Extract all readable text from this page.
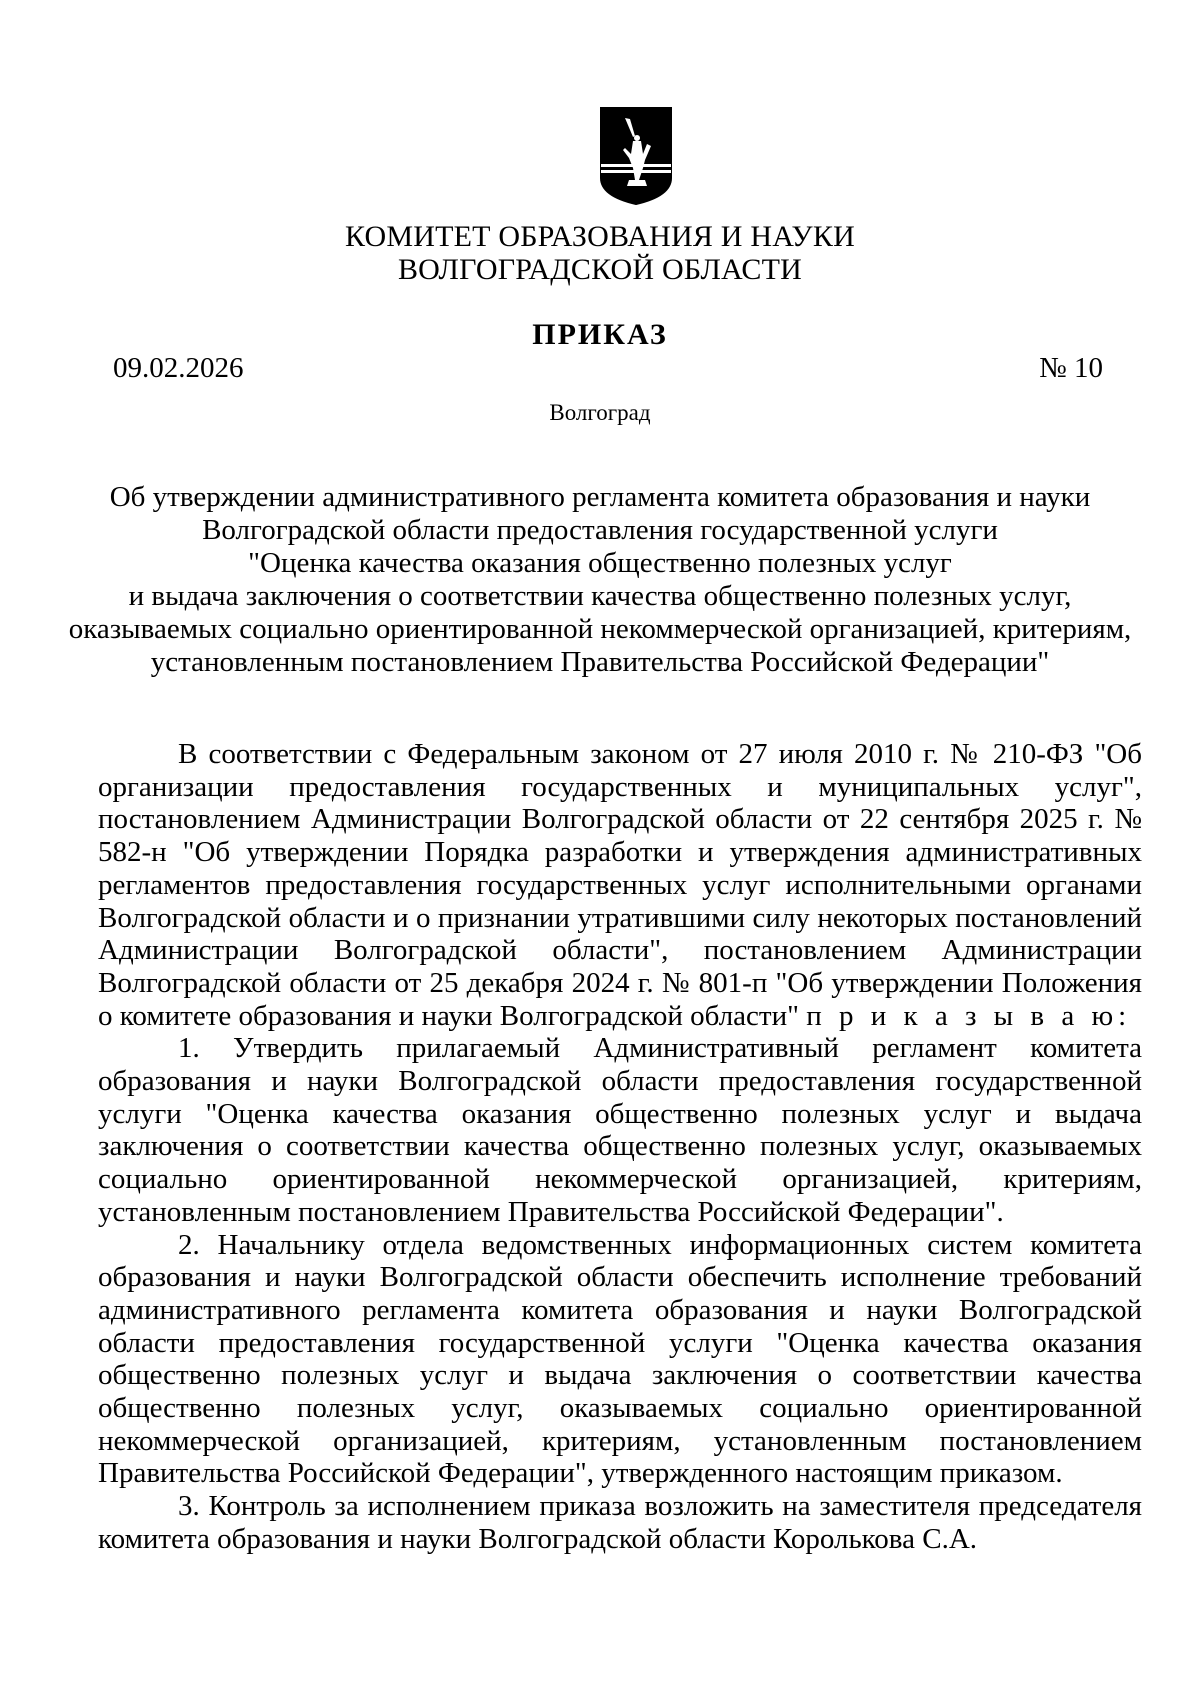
КОМИТЕТ ОБРАЗОВАНИЯ И НАУКИ
ВОЛГОГРАДСКОЙ ОБЛАСТИ
ПРИКАЗ
09.02.2026	№ 10
Волгоград
Об утверждении административного регламента комитета образования и науки
Волгоградской области предоставления государственной услуги
"Оценка качества оказания общественно полезных услуг
и выдача заключения о соответствии качества общественно полезных услуг,
оказываемых социально ориентированной некоммерческой организацией, критериям,
установленным постановлением Правительства Российской Федерации"

В соответствии с Федеральным законом от 27 июля 2010 г. № 210-ФЗ "Об организации предоставления государственных и муниципальных услуг", постановлением Администрации Волгоградской области от 22 сентября 2025 г. № 582-н "Об утверждении Порядка разработки и утверждения административных регламентов предоставления государственных услуг исполнительными органами Волгоградской области и о признании утратившими силу некоторых постановлений Администрации Волгоградской области", постановлением Администрации Волгоградской области от 25 декабря 2024 г. № 801-п "Об утверждении Положения о комитете образования и науки Волгоградской области" п р и к а з ы в а ю:

1. Утвердить прилагаемый Административный регламент комитета образования и науки Волгоградской области предоставления государственной услуги "Оценка качества оказания общественно полезных услуг и выдача заключения о соответствии качества общественно полезных услуг, оказываемых социально ориентированной некоммерческой организацией, критериям, установленным постановлением Правительства Российской Федерации".

2. Начальнику отдела ведомственных информационных систем комитета образования и науки Волгоградской области обеспечить исполнение требований административного регламента комитета образования и науки Волгоградской области предоставления государственной услуги "Оценка качества оказания общественно полезных услуг и выдача заключения о соответствии качества общественно полезных услуг, оказываемых социально ориентированной некоммерческой организацией, критериям, установленным постановлением Правительства Российской Федерации", утвержденного настоящим приказом.

3. Контроль за исполнением приказа возложить на заместителя председателя комитета образования и науки Волгоградской области Королькова С.А.
